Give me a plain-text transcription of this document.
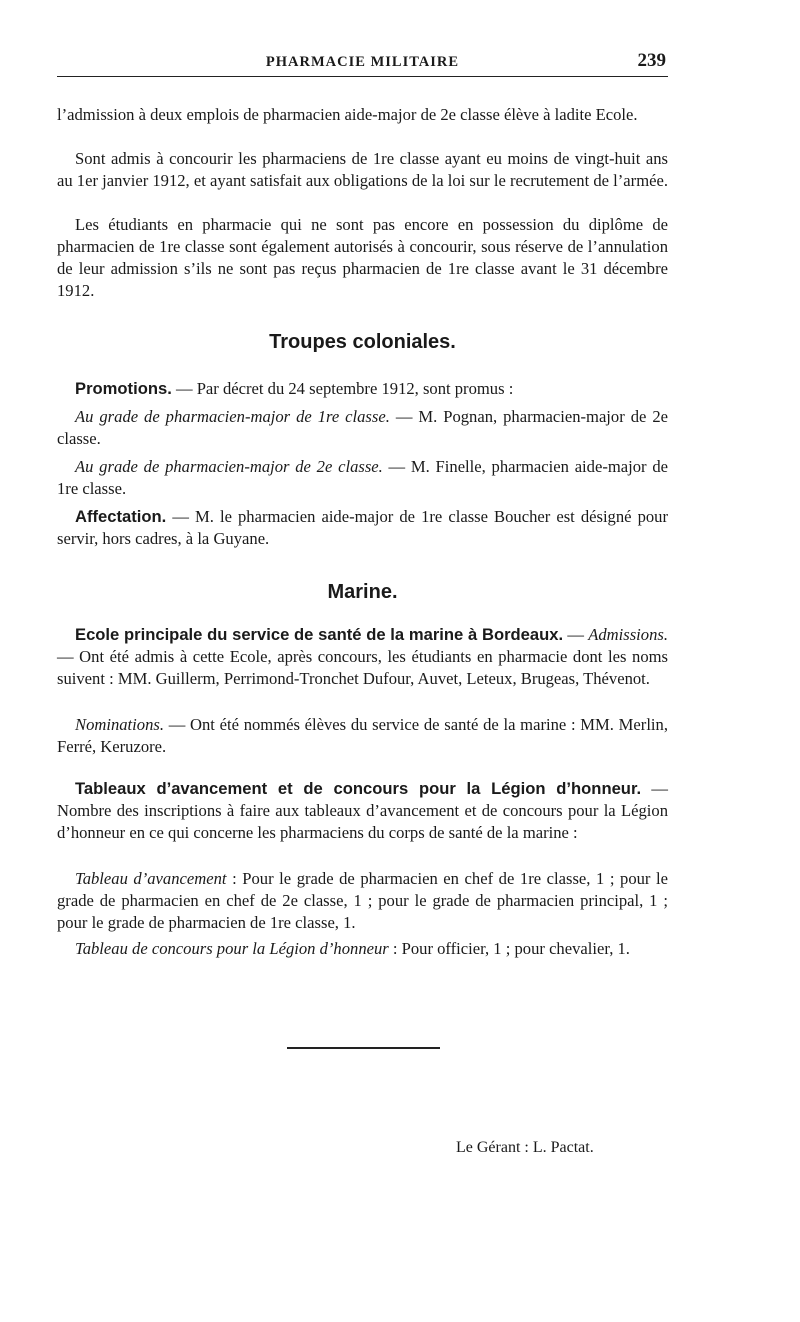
PHARMACIE MILITAIRE	239
l’admission à deux emplois de pharmacien aide-major de 2e classe élève à ladite Ecole.
Sont admis à concourir les pharmaciens de 1re classe ayant eu moins de vingt-huit ans au 1er janvier 1912, et ayant satisfait aux obligations de la loi sur le recrutement de l’armée.
Les étudiants en pharmacie qui ne sont pas encore en possession du diplôme de pharmacien de 1re classe sont également autorisés à concourir, sous réserve de l’annulation de leur admission s’ils ne sont pas reçus pharmacien de 1re classe avant le 31 décembre 1912.
Troupes coloniales.
Promotions. — Par décret du 24 septembre 1912, sont promus :
Au grade de pharmacien-major de 1re classe. — M. Pognan, pharmacien-major de 2e classe.
Au grade de pharmacien-major de 2e classe. — M. Finelle, pharmacien aide-major de 1re classe.
Affectation. — M. le pharmacien aide-major de 1re classe Boucher est désigné pour servir, hors cadres, à la Guyane.
Marine.
Ecole principale du service de santé de la marine à Bordeaux. — Admissions. — Ont été admis à cette Ecole, après concours, les étudiants en pharmacie dont les noms suivent : MM. Guillerm, Perrimond-Tronchet Dufour, Auvet, Leteux, Brugeas, Thévenot.
Nominations. — Ont été nommés élèves du service de santé de la marine : MM. Merlin, Ferré, Keruzore.
Tableaux d’avancement et de concours pour la Légion d’honneur. — Nombre des inscriptions à faire aux tableaux d’avancement et de concours pour la Légion d’honneur en ce qui concerne les pharmaciens du corps de santé de la marine :
Tableau d’avancement : Pour le grade de pharmacien en chef de 1re classe, 1 ; pour le grade de pharmacien en chef de 2e classe, 1 ; pour le grade de pharmacien principal, 1 ; pour le grade de pharmacien de 1re classe, 1.
Tableau de concours pour la Légion d’honneur : Pour officier, 1 ; pour chevalier, 1.
Le Gérant : L. Pactat.
